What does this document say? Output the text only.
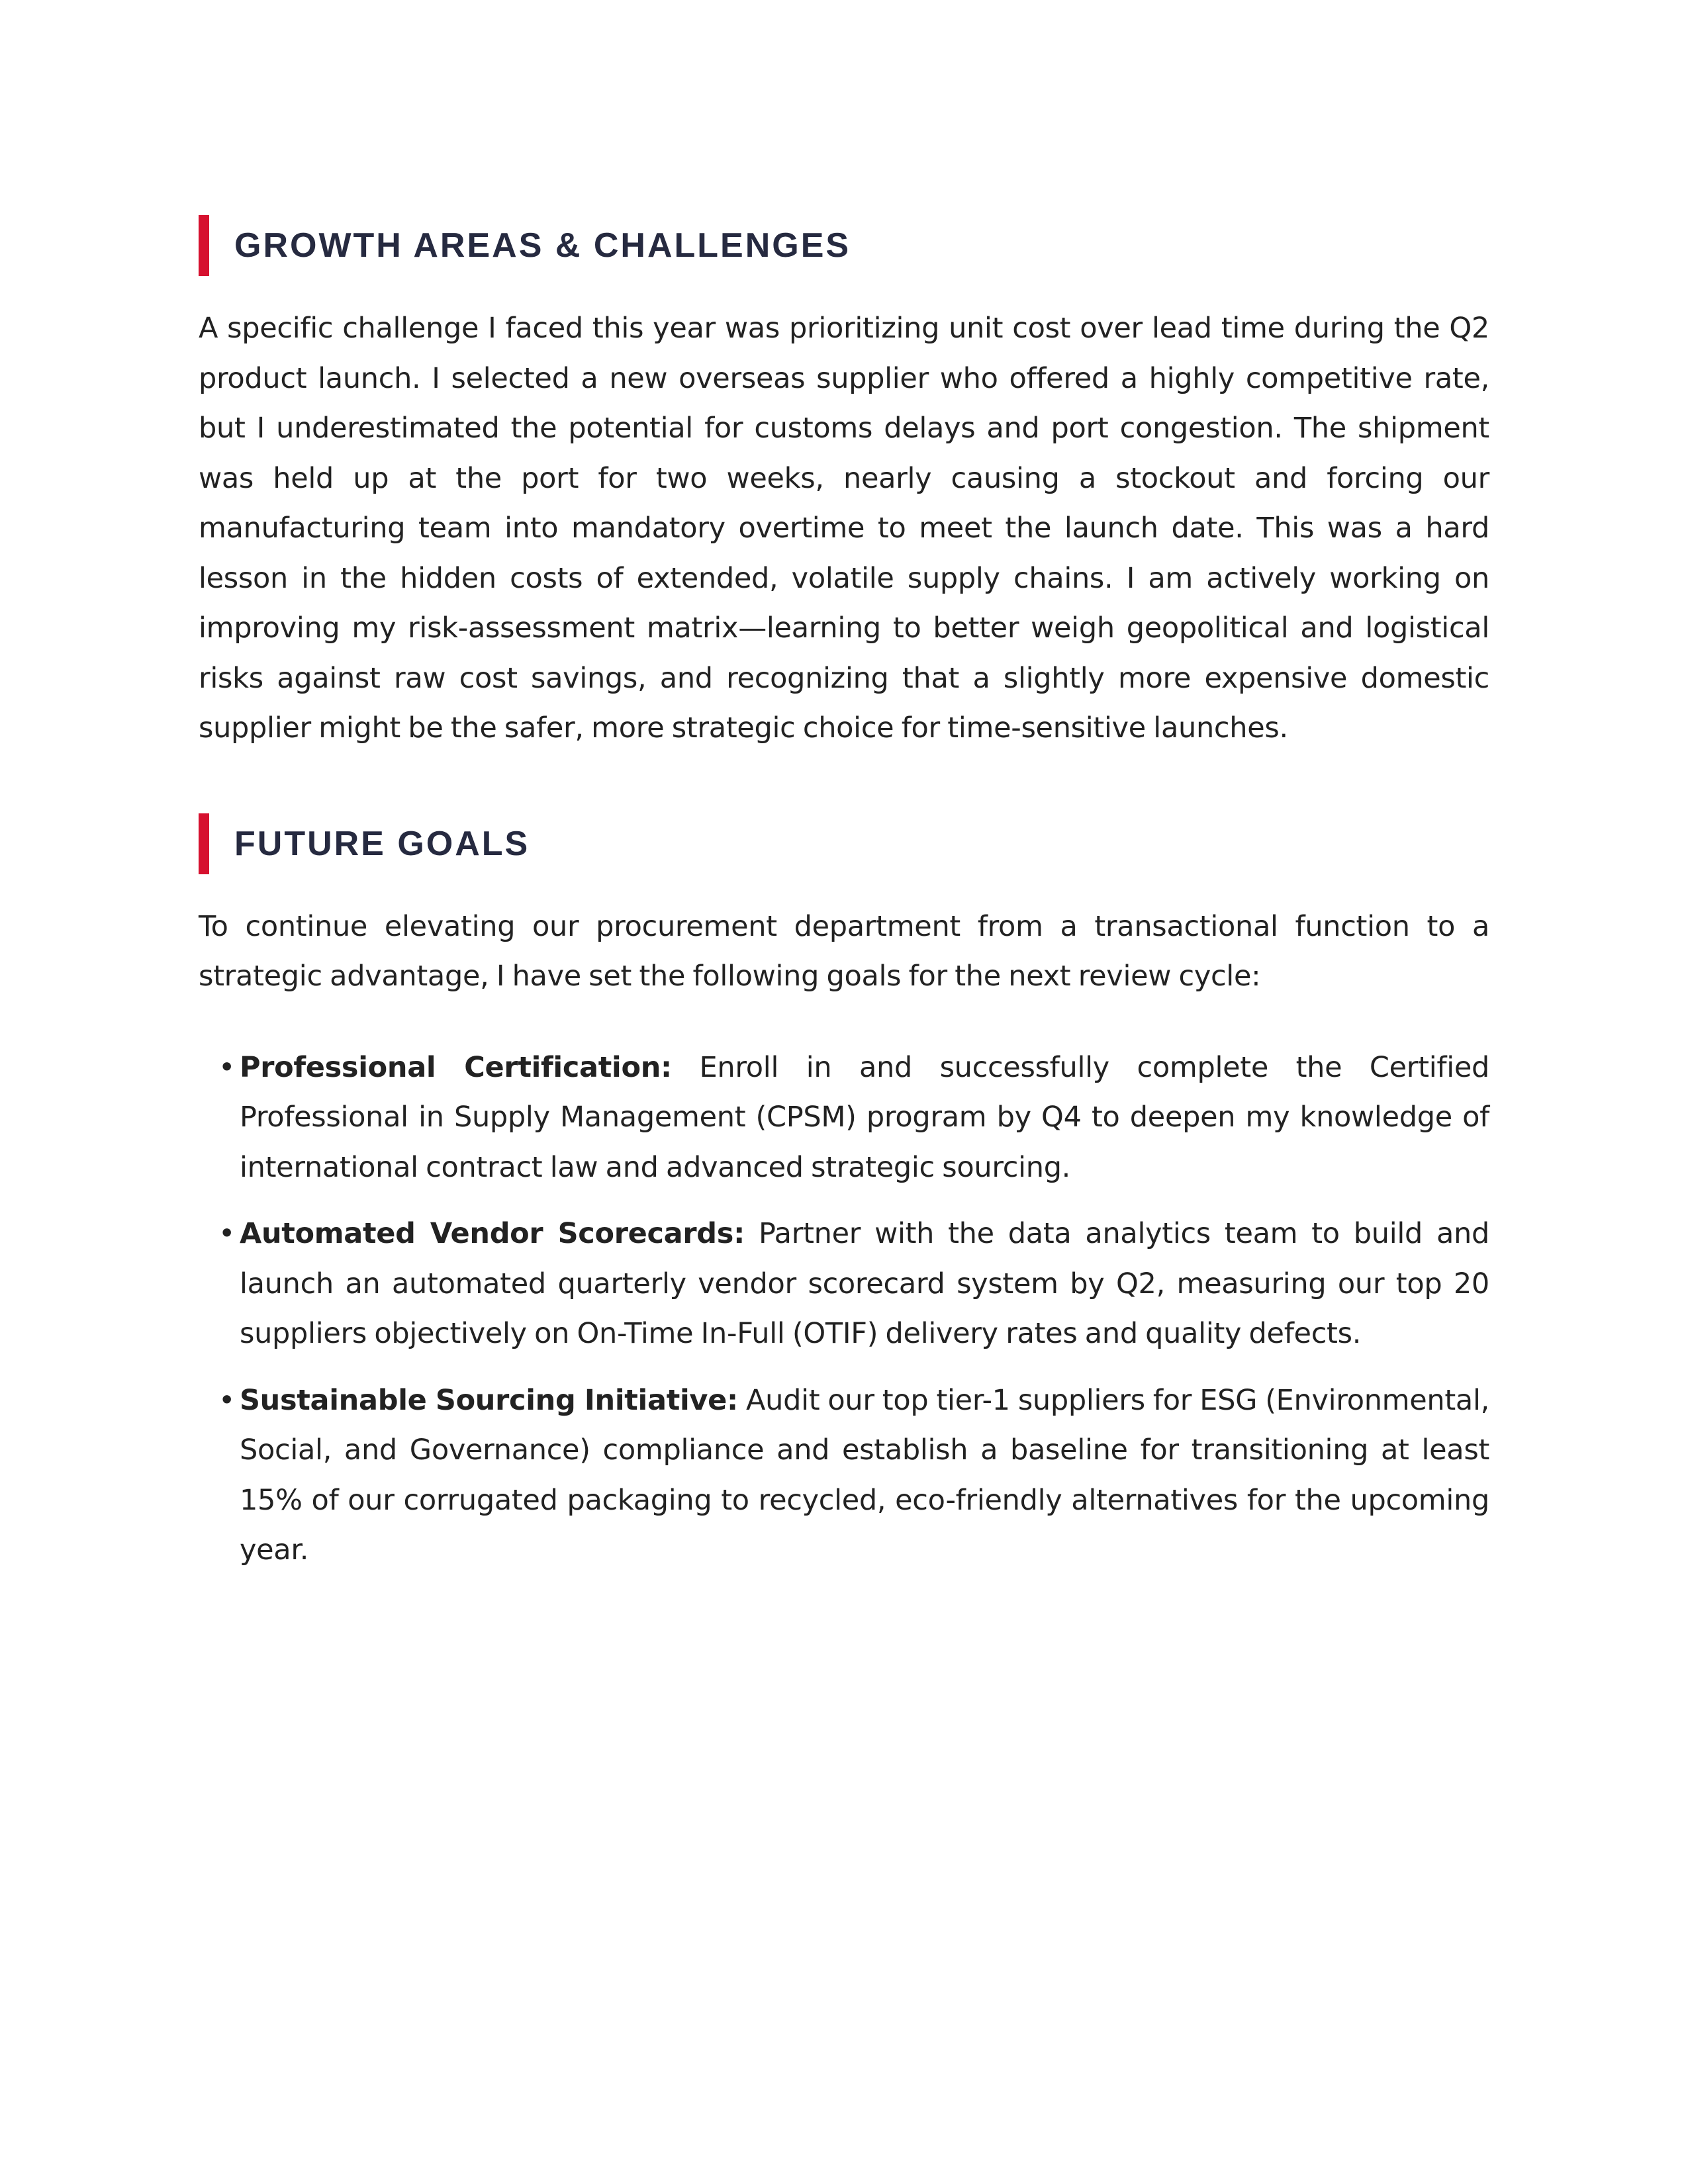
GROWTH AREAS & CHALLENGES

A specific challenge I faced this year was prioritizing unit cost over lead time during the Q2 product launch. I selected a new overseas supplier who offered a highly competitive rate, but I underestimated the potential for customs delays and port congestion. The shipment was held up at the port for two weeks, nearly causing a stockout and forcing our manufacturing team into mandatory overtime to meet the launch date. This was a hard lesson in the hidden costs of extended, volatile supply chains. I am actively working on improving my risk-assessment matrix—learning to better weigh geopolitical and logistical risks against raw cost savings, and recognizing that a slightly more expensive domestic supplier might be the safer, more strategic choice for time-sensitive launches.

FUTURE GOALS

To continue elevating our procurement department from a transactional function to a strategic advantage, I have set the following goals for the next review cycle:

• Professional Certification: Enroll in and successfully complete the Certified Professional in Supply Management (CPSM) program by Q4 to deepen my knowledge of international contract law and advanced strategic sourcing.

• Automated Vendor Scorecards: Partner with the data analytics team to build and launch an automated quarterly vendor scorecard system by Q2, measuring our top 20 suppliers objectively on On-Time In-Full (OTIF) delivery rates and quality defects.

• Sustainable Sourcing Initiative: Audit our top tier-1 suppliers for ESG (Environmental, Social, and Governance) compliance and establish a baseline for transitioning at least 15% of our corrugated packaging to recycled, eco-friendly alternatives for the upcoming year.
